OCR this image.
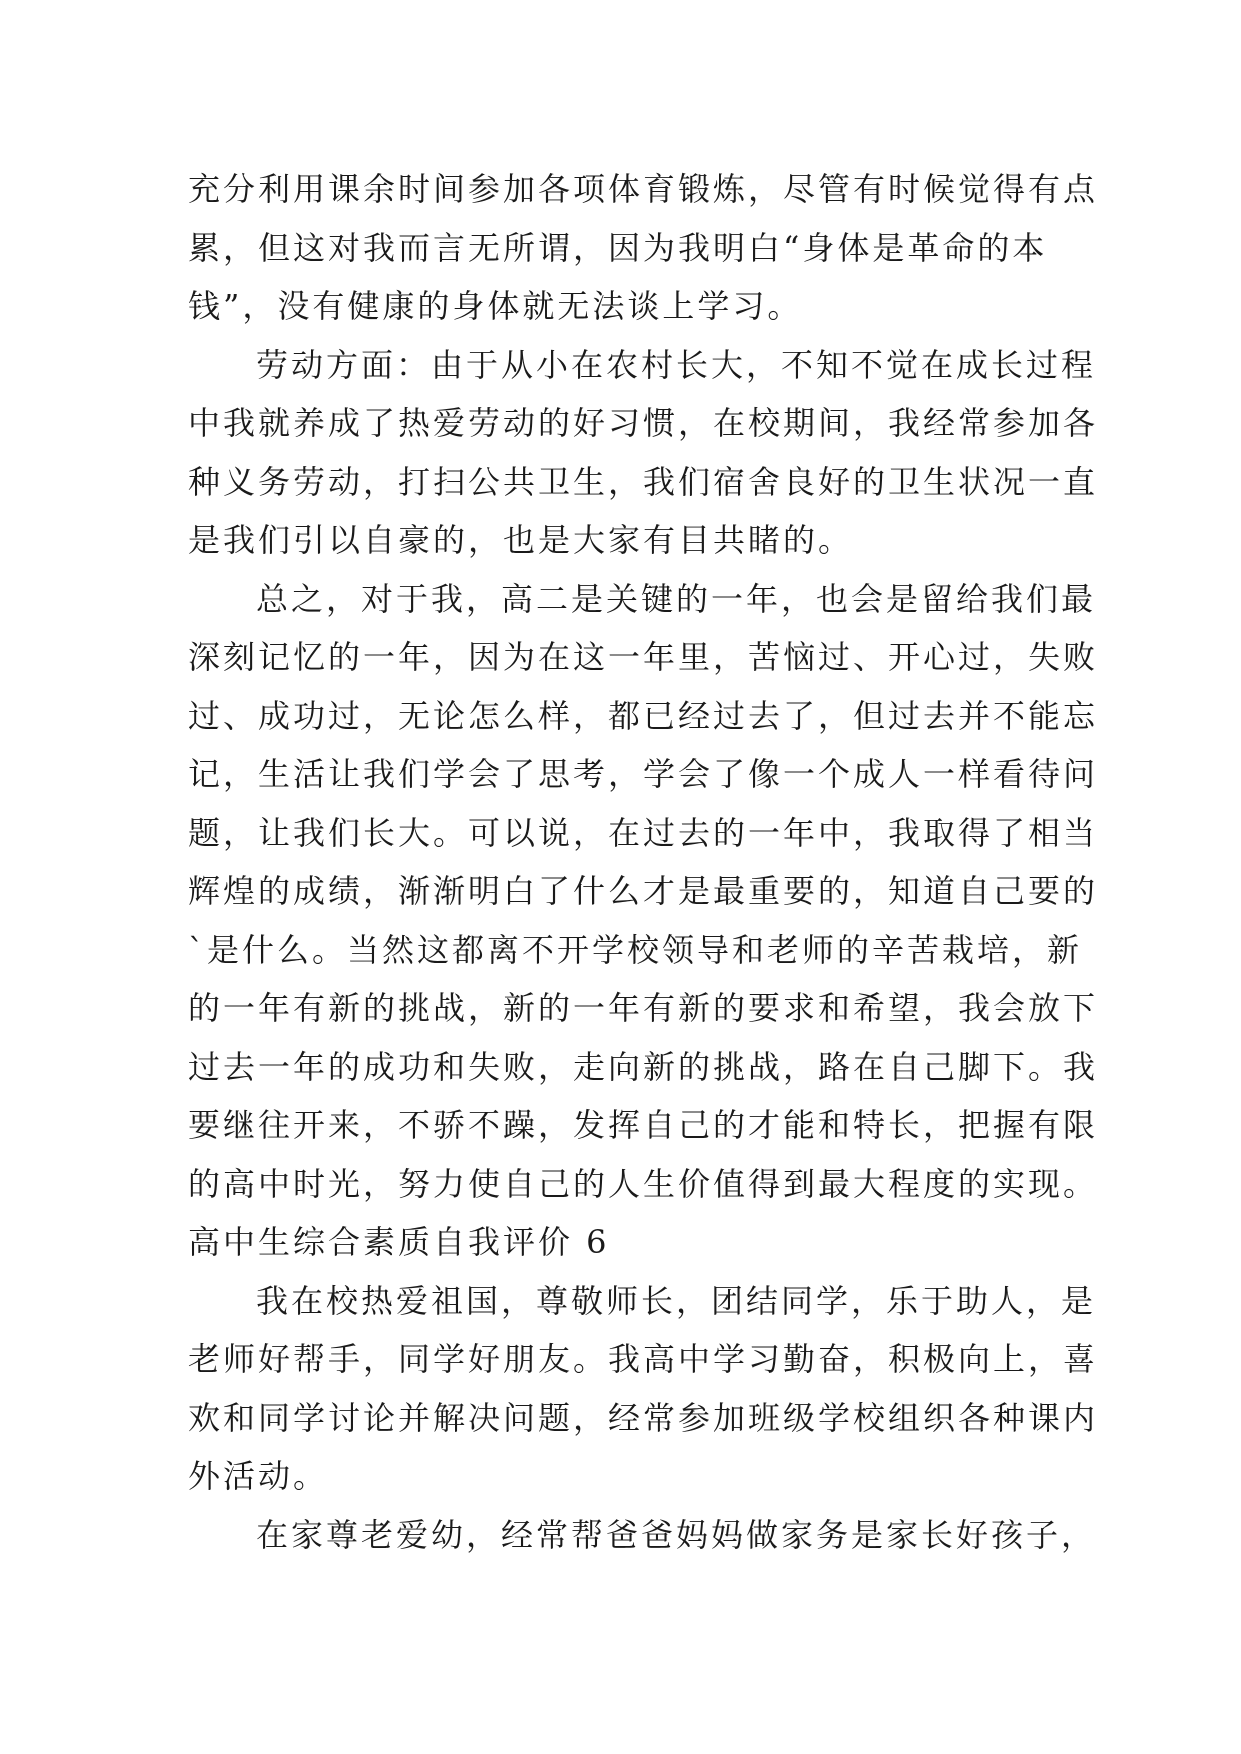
充分利用课余时间参加各项体育锻炼，尽管有时候觉得有点
累，但这对我而言无所谓，因为我明白“身体是革命的本
钱”，没有健康的身体就无法谈上学习。
劳动方面：由于从小在农村长大，不知不觉在成长过程
中我就养成了热爱劳动的好习惯，在校期间，我经常参加各
种义务劳动，打扫公共卫生，我们宿舍良好的卫生状况一直
是我们引以自豪的，也是大家有目共睹的。
总之，对于我，高二是关键的一年，也会是留给我们最
深刻记忆的一年，因为在这一年里，苦恼过、开心过，失败
过、成功过，无论怎么样，都已经过去了，但过去并不能忘
记，生活让我们学会了思考，学会了像一个成人一样看待问
题，让我们长大。可以说，在过去的一年中，我取得了相当
辉煌的成绩，渐渐明白了什么才是最重要的，知道自己要的
`是什么。当然这都离不开学校领导和老师的辛苦栽培，新
的一年有新的挑战，新的一年有新的要求和希望，我会放下
过去一年的成功和失败，走向新的挑战，路在自己脚下。我
要继往开来，不骄不躁，发挥自己的才能和特长，把握有限
的高中时光，努力使自己的人生价值得到最大程度的实现。
高中生综合素质自我评价 6
我在校热爱祖国，尊敬师长，团结同学，乐于助人，是
老师好帮手，同学好朋友。我高中学习勤奋，积极向上，喜
欢和同学讨论并解决问题，经常参加班级学校组织各种课内
外活动。
在家尊老爱幼，经常帮爸爸妈妈做家务是家长好孩子，
